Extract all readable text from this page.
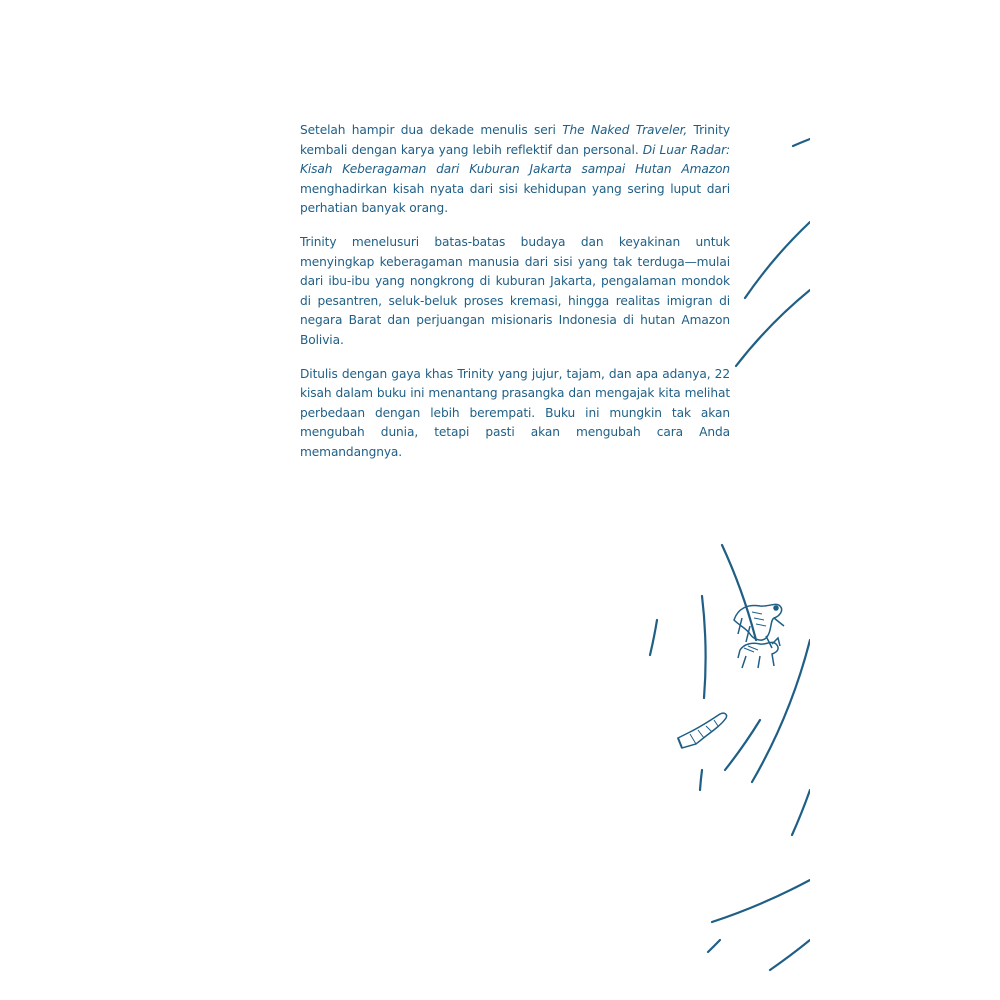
Setelah hampir dua dekade menulis seri The Naked Traveler, Trinity kembali dengan karya yang lebih reflektif dan personal. Di Luar Radar: Kisah Keberagaman dari Kuburan Jakarta sampai Hutan Amazon menghadirkan kisah nyata dari sisi kehidupan yang sering luput dari perhatian banyak orang.

Trinity menelusuri batas-batas budaya dan keyakinan untuk menyingkap keberagaman manusia dari sisi yang tak terduga—mulai dari ibu-ibu yang nongkrong di kuburan Jakarta, pengalaman mondok di pesantren, seluk-beluk proses kremasi, hingga realitas imigran di negara Barat dan perjuangan misionaris Indonesia di hutan Amazon Bolivia.

Ditulis dengan gaya khas Trinity yang jujur, tajam, dan apa adanya, 22 kisah dalam buku ini menantang prasangka dan mengajak kita melihat perbedaan dengan lebih berempati. Buku ini mungkin tak akan mengubah dunia, tetapi pasti akan mengubah cara Anda memandangnya.
